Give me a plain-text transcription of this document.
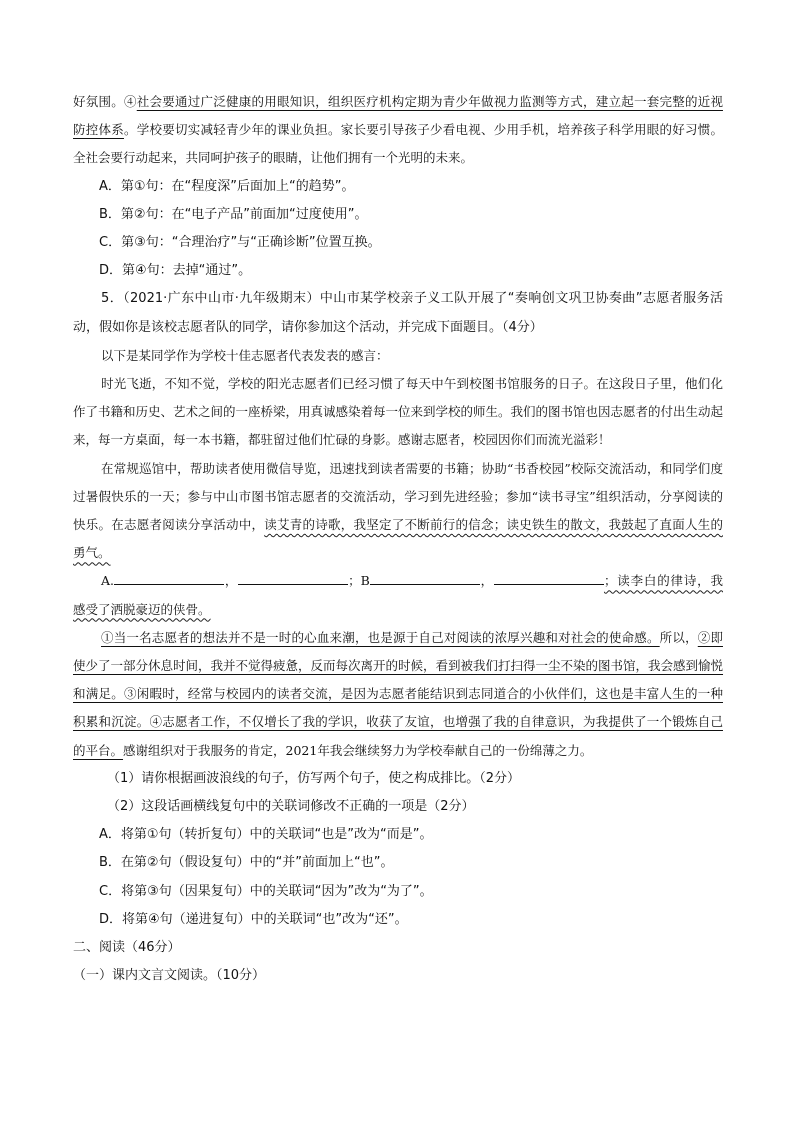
好氛围。④社会要通过广泛健康的用眼知识，组织医疗机构定期为青少年做视力监测等方式，建立起一套完整的近视防控体系。学校要切实减轻青少年的课业负担。家长要引导孩子少看电视、少用手机，培养孩子科学用眼的好习惯。全社会要行动起来，共同呵护孩子的眼睛，让他们拥有一个光明的未来。

A．第①句：在“程度深”后面加上“的趋势”。

B．第②句：在“电子产品”前面加“过度使用”。

C．第③句：“合理治疗”与“正确诊断”位置互换。

D．第④句：去掉“通过”。

5．（2021·广东中山市·九年级期末）中山市某学校亲子义工队开展了“奏响创文巩卫协奏曲”志愿者服务活动，假如你是该校志愿者队的同学，请你参加这个活动，并完成下面题目。（4分）

以下是某同学作为学校十佳志愿者代表发表的感言：

时光飞逝，不知不觉，学校的阳光志愿者们已经习惯了每天中午到校图书馆服务的日子。在这段日子里，他们化作了书籍和历史、艺术之间的一座桥梁，用真诚感染着每一位来到学校的师生。我们的图书馆也因志愿者的付出生动起来，每一方桌面，每一本书籍，都驻留过他们忙碌的身影。感谢志愿者，校园因你们而流光溢彩！

在常规巡馆中，帮助读者使用微信导览，迅速找到读者需要的书籍；协助“书香校园”校际交流活动，和同学们度过暑假快乐的一天；参与中山市图书馆志愿者的交流活动，学习到先进经验；参加“读书寻宝”组织活动，分享阅读的快乐。在志愿者阅读分享活动中，读艾青的诗歌，我坚定了不断前行的信念；读史铁生的散文，我鼓起了直面人生的勇气。

A.	，	；B	，	；读李白的律诗，我感受了洒脱豪迈的侠骨。

①当一名志愿者的想法并不是一时的心血来潮，也是源于自己对阅读的浓厚兴趣和对社会的使命感。所以，②即使少了一部分休息时间，我并不觉得疲惫，反而每次离开的时候，看到被我们打扫得一尘不染的图书馆，我会感到愉悦和满足。③闲暇时，经常与校园内的读者交流，是因为志愿者能结识到志同道合的小伙伴们，这也是丰富人生的一种积累和沉淀。④志愿者工作，不仅增长了我的学识，收获了友谊，也增强了我的自律意识，为我提供了一个锻炼自己的平台。感谢组织对于我服务的肯定，2021年我会继续努力为学校奉献自己的一份绵薄之力。

（1）请你根据画波浪线的句子，仿写两个句子，使之构成排比。（2分）

（2）这段话画横线复句中的关联词修改不正确的一项是（2分）

A．将第①句（转折复句）中的关联词“也是”改为“而是”。

B．在第②句（假设复句）中的“并”前面加上“也”。

C．将第③句（因果复句）中的关联词“因为”改为“为了”。

D．将第④句（递进复句）中的关联词“也”改为“还”。

二、阅读（46分）

（一）课内文言文阅读。（10分）
